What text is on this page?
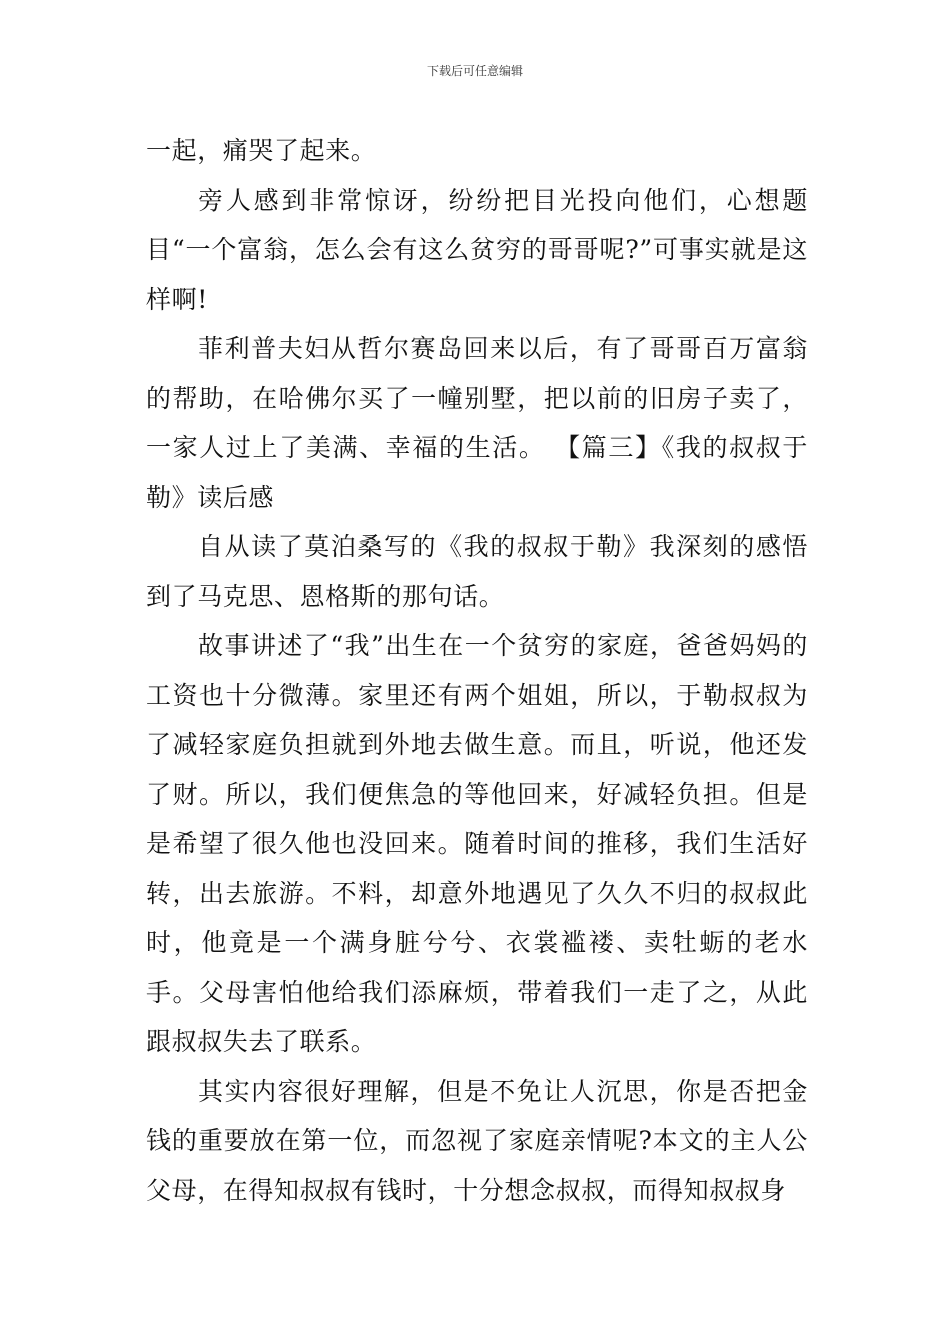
下载后可任意编辑

一起，痛哭了起来。

旁人感到非常惊讶，纷纷把目光投向他们，心想题目“一个富翁，怎么会有这么贫穷的哥哥呢?”可事实就是这样啊!

菲利普夫妇从哲尔赛岛回来以后，有了哥哥百万富翁的帮助，在哈佛尔买了一幢别墅，把以前的旧房子卖了，一家人过上了美满、幸福的生活。 【篇三】《我的叔叔于勒》读后感

自从读了莫泊桑写的《我的叔叔于勒》我深刻的感悟到了马克思、恩格斯的那句话。

故事讲述了“我”出生在一个贫穷的家庭，爸爸妈妈的工资也十分微薄。家里还有两个姐姐，所以，于勒叔叔为了减轻家庭负担就到外地去做生意。而且，听说，他还发了财。所以，我们便焦急的等他回来，好减轻负担。但是是希望了很久他也没回来。随着时间的推移，我们生活好转，出去旅游。不料，却意外地遇见了久久不归的叔叔此时，他竟是一个满身脏兮兮、衣裳褴褛、卖牡蛎的老水手。父母害怕他给我们添麻烦，带着我们一走了之，从此跟叔叔失去了联系。

其实内容很好理解，但是不免让人沉思，你是否把金钱的重要放在第一位，而忽视了家庭亲情呢?本文的主人公父母，在得知叔叔有钱时，十分想念叔叔，而得知叔叔身
